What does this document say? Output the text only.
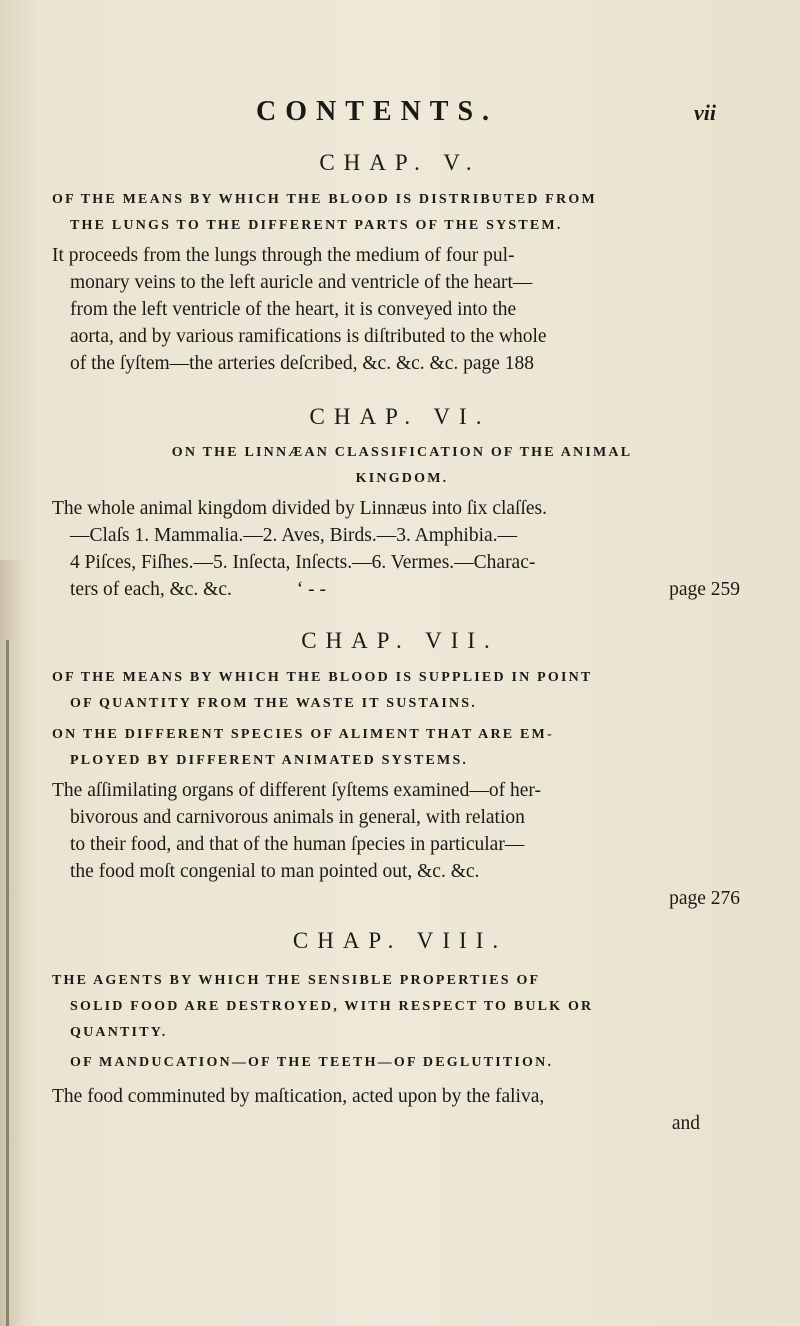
CONTENTS.	vii
CHAP. V.
OF THE MEANS BY WHICH THE BLOOD IS DISTRIBUTED FROM
THE LUNGS TO THE DIFFERENT PARTS OF THE SYSTEM.
It proceeds from the lungs through the medium of four pul-
monary veins to the left auricle and ventricle of the heart—
from the left ventricle of the heart, it is conveyed into the
aorta, and by various ramifications is diſtributed to the whole
of the ſyſtem—the arteries deſcribed, &c. &c. &c. page 188
CHAP. VI.
ON THE LINNÆAN CLASSIFICATION OF THE ANIMAL
KINGDOM.
The whole animal kingdom divided by Linnæus into ſix claſſes.
—Claſs 1. Mammalia.—2. Aves, Birds.—3. Amphibia.—
4 Piſces, Fiſhes.—5. Inſecta, Inſects.—6. Vermes.—Charac-
ters of each, &c. &c.	‘ - -	page 259
CHAP. VII.
OF THE MEANS BY WHICH THE BLOOD IS SUPPLIED IN POINT
OF QUANTITY FROM THE WASTE IT SUSTAINS.
ON THE DIFFERENT SPECIES OF ALIMENT THAT ARE EM-
PLOYED BY DIFFERENT ANIMATED SYSTEMS.
The aſſimilating organs of different ſyſtems examined—of her-
bivorous and carnivorous animals in general, with relation
to their food, and that of the human ſpecies in particular—
the food moſt congenial to man pointed out, &c. &c.
page 276
CHAP. VIII.
THE AGENTS BY WHICH THE SENSIBLE PROPERTIES OF
SOLID FOOD ARE DESTROYED, WITH RESPECT TO BULK OR
QUANTITY.
OF MANDUCATION—OF THE TEETH—OF DEGLUTITION.
The food comminuted by maſtication, acted upon by the faliva,
and
